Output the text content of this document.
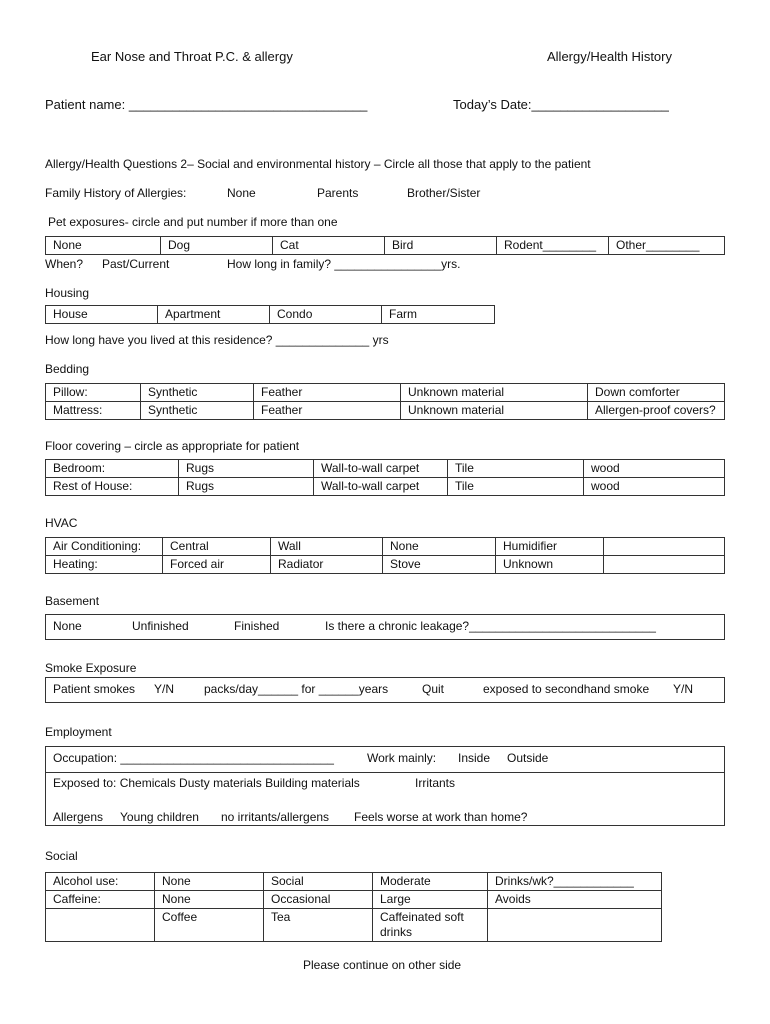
Ear Nose and Throat P.C. & allergy	Allergy/Health History
Patient name: _________________________________	Today’s Date:___________________
Allergy/Health Questions 2– Social and environmental history – Circle all those that apply to the patient
Family History of Allergies:	None	Parents	Brother/Sister
Pet exposures- circle and put number if more than one
None	Dog	Cat	Bird	Rodent________	Other________
When? Past/Current	How long in family? ________________yrs.
Housing
House	Apartment	Condo	Farm
How long have you lived at this residence? ______________ yrs
Bedding
Pillow:	Synthetic	Feather	Unknown material	Down comforter
Mattress:	Synthetic	Feather	Unknown material	Allergen-proof covers?
Floor covering – circle as appropriate for patient
Bedroom:	Rugs	Wall-to-wall carpet	Tile	wood
Rest of House:	Rugs	Wall-to-wall carpet	Tile	wood
HVAC
Air Conditioning:	Central	Wall	None	Humidifier	
Heating:	Forced air	Radiator	Stove	Unknown	
Basement
None	Unfinished	Finished	Is there a chronic leakage?____________________________
Smoke Exposure
Patient smokes Y/N packs/day______ for ______years	Quit	exposed to secondhand smoke Y/N
Employment
Occupation: ________________________________	Work mainly: Inside Outside
Exposed to: Chemicals Dusty materials Building materials	Irritants
Allergens Young children no irritants/allergens Feels worse at work than home?
Social
Alcohol use:	None	Social	Moderate	Drinks/wk?____________
Caffeine:	None	Occasional	Large	Avoids
	Coffee	Tea	Caffeinated soft drinks	
Please continue on other side
